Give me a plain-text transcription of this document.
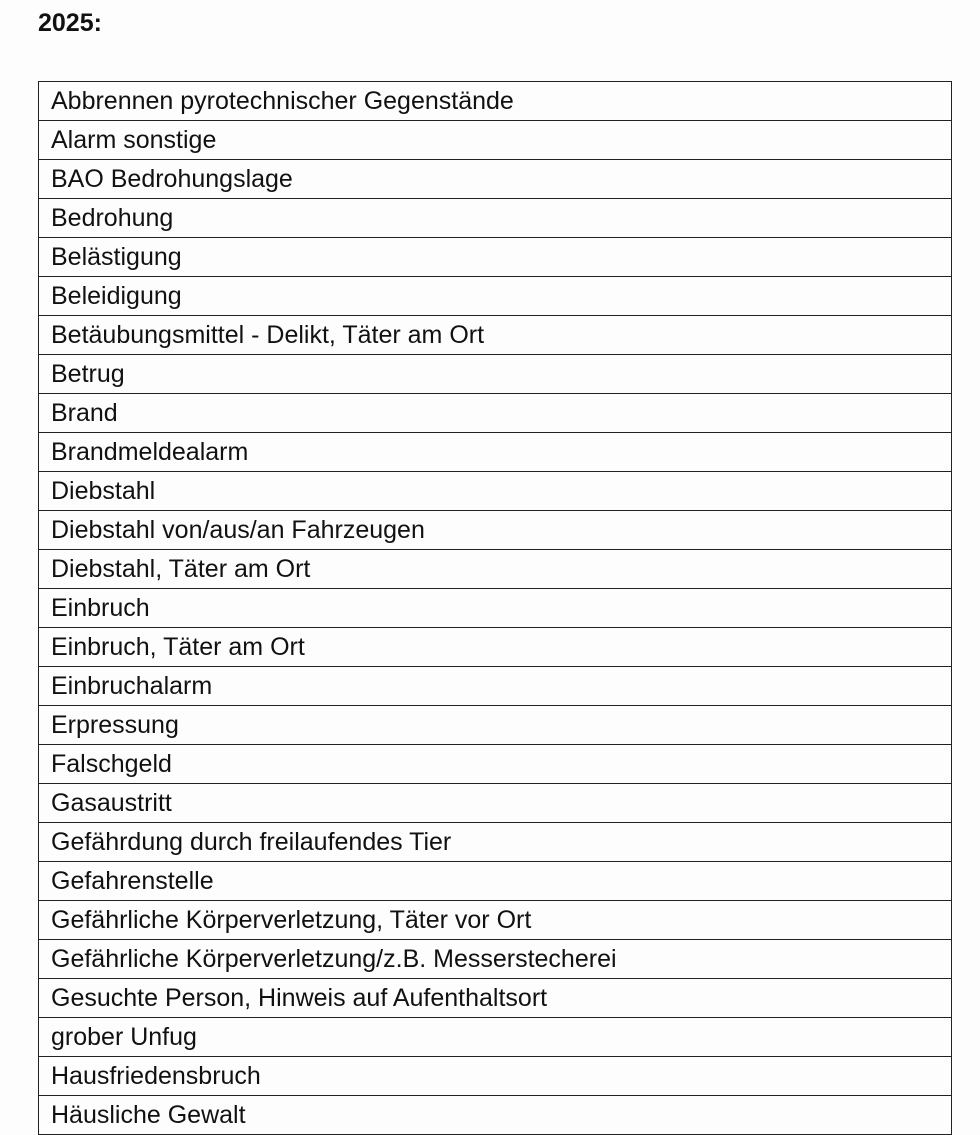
2025:
Abbrennen pyrotechnischer Gegenstände
Alarm sonstige
BAO Bedrohungslage
Bedrohung
Belästigung
Beleidigung
Betäubungsmittel - Delikt, Täter am Ort
Betrug
Brand
Brandmeldealarm
Diebstahl
Diebstahl von/aus/an Fahrzeugen
Diebstahl, Täter am Ort
Einbruch
Einbruch, Täter am Ort
Einbruchalarm
Erpressung
Falschgeld
Gasaustritt
Gefährdung durch freilaufendes Tier
Gefahrenstelle
Gefährliche Körperverletzung, Täter vor Ort
Gefährliche Körperverletzung/z.B. Messerstecherei
Gesuchte Person, Hinweis auf Aufenthaltsort
grober Unfug
Hausfriedensbruch
Häusliche Gewalt
